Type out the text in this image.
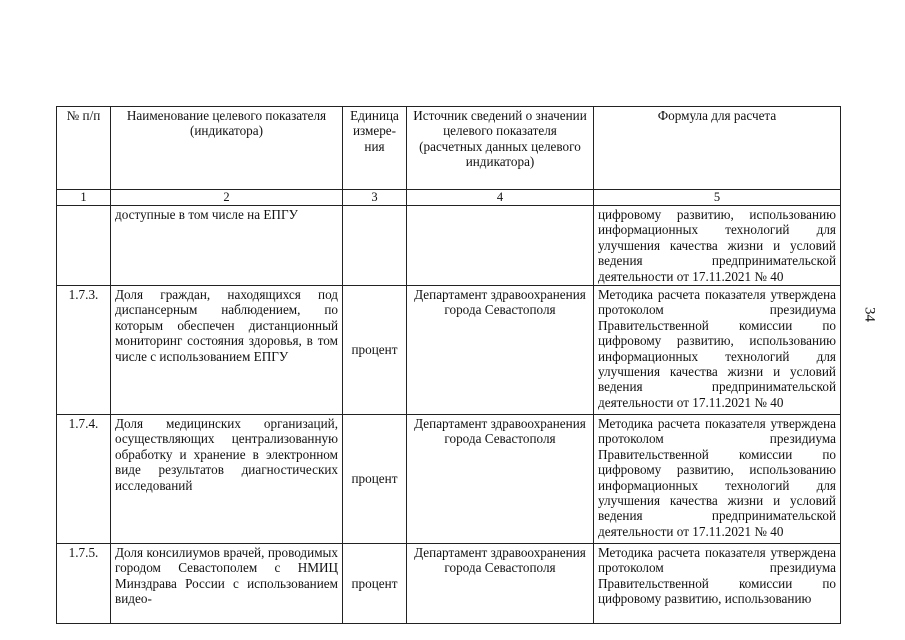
34
№ п/п	Наименование целевого показателя (индикатора)	Единица измере-ния	Источник сведений о значении целевого показателя (расчетных данных целевого индикатора)	Формула для расчета
1	2	3	4	5
	доступные в том числе на ЕПГУ			цифровому развитию, использованию информационных технологий для улучшения качества жизни и условий ведения предпринимательской деятельности от 17.11.2021 № 40
1.7.3.	Доля граждан, находящихся под диспансерным наблюдением, по которым обеспечен дистанционный мониторинг состояния здоровья, в том числе с использованием ЕПГУ	процент	Департамент здравоохранения города Севастополя	Методика расчета показателя утверждена протоколом президиума Правительственной комиссии по цифровому развитию, использованию информационных технологий для улучшения качества жизни и условий ведения предпринимательской деятельности от 17.11.2021 № 40
1.7.4.	Доля медицинских организаций, осуществляющих централизованную обработку и хранение в электронном виде результатов диагностических исследований	процент	Департамент здравоохранения города Севастополя	Методика расчета показателя утверждена протоколом президиума Правительственной комиссии по цифровому развитию, использованию информационных технологий для улучшения качества жизни и условий ведения предпринимательской деятельности от 17.11.2021 № 40
1.7.5.	Доля консилиумов врачей, проводимых городом Севастополем с НМИЦ Минздрава России с использованием видео-	процент	Департамент здравоохранения города Севастополя	Методика расчета показателя утверждена протоколом президиума Правительственной комиссии по цифровому развитию, использованию
